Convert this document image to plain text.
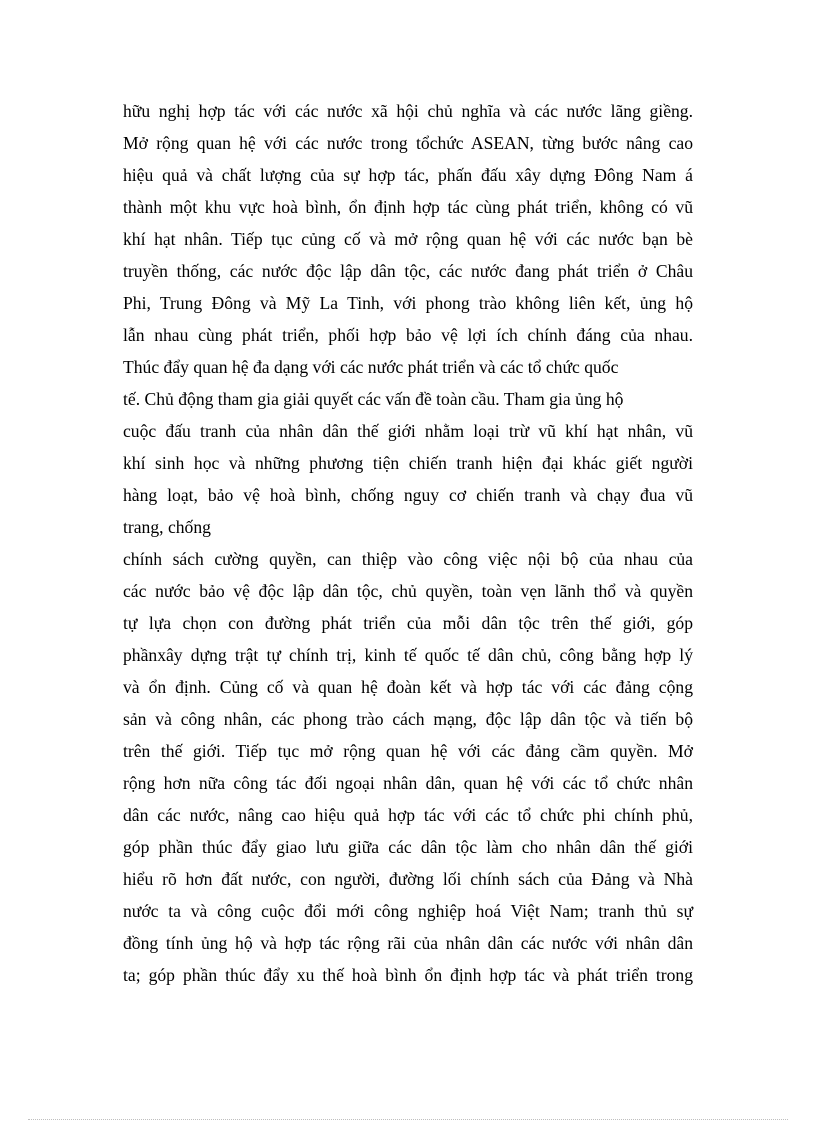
hữu nghị hợp tác với các nước xã hội chủ nghĩa và các nước lãng giềng.
Mở rộng quan hệ với các nước trong tổchức ASEAN, từng bước nâng cao
hiệu quả và chất lượng của sự hợp tác, phấn đấu xây dựng Đông Nam á
thành một khu vực hoà bình, ổn định hợp tác cùng phát triển, không có vũ
khí hạt nhân. Tiếp tục củng cố và mở rộng quan hệ với các nước bạn bè
truyền thống, các nước độc lập dân tộc, các nước đang phát triển ở Châu
Phi, Trung Đông và Mỹ La Tinh, với phong trào không liên kết, ủng hộ
lẫn nhau cùng phát triển, phối hợp bảo vệ lợi ích chính đáng của nhau.
Thúc đẩy quan hệ đa dạng với các nước phát triển và các tổ chức quốc
tế. Chủ động tham gia giải quyết các vấn đề toàn cầu. Tham gia ủng hộ
cuộc đấu tranh của nhân dân thế giới nhằm loại trừ vũ khí hạt nhân, vũ
khí sinh học và những phương tiện chiến tranh hiện đại khác giết người
hàng loạt, bảo vệ hoà bình, chống nguy cơ chiến tranh và chạy đua vũ
trang, chống
chính sách cường quyền, can thiệp vào công việc nội bộ của nhau của
các nước bảo vệ độc lập dân tộc, chủ quyền, toàn vẹn lãnh thổ và quyền
tự lựa chọn con đường phát triển của mỗi dân tộc trên thế giới, góp
phầnxây dựng trật tự chính trị, kinh tế quốc tế dân chủ, công bằng hợp lý
và ổn định. Củng cố và quan hệ đoàn kết và hợp tác với các đảng cộng
sản và công nhân, các phong trào cách mạng, độc lập dân tộc và tiến bộ
trên thế giới. Tiếp tục mở rộng quan hệ với các đảng cầm quyền. Mở
rộng hơn nữa công tác đối ngoại nhân dân, quan hệ với các tổ chức nhân
dân các nước, nâng cao hiệu quả hợp tác với các tổ chức phi chính phủ,
góp phần thúc đẩy giao lưu giữa các dân tộc làm cho nhân dân thế giới
hiểu rõ hơn đất nước, con người, đường lối chính sách của Đảng và Nhà
nước ta và công cuộc đổi mới công nghiệp hoá Việt Nam; tranh thủ sự
đồng tính ủng hộ và hợp tác rộng rãi của nhân dân các nước với nhân dân
ta; góp phần thúc đẩy xu thế hoà bình ổn định hợp tác và phát triển trong
